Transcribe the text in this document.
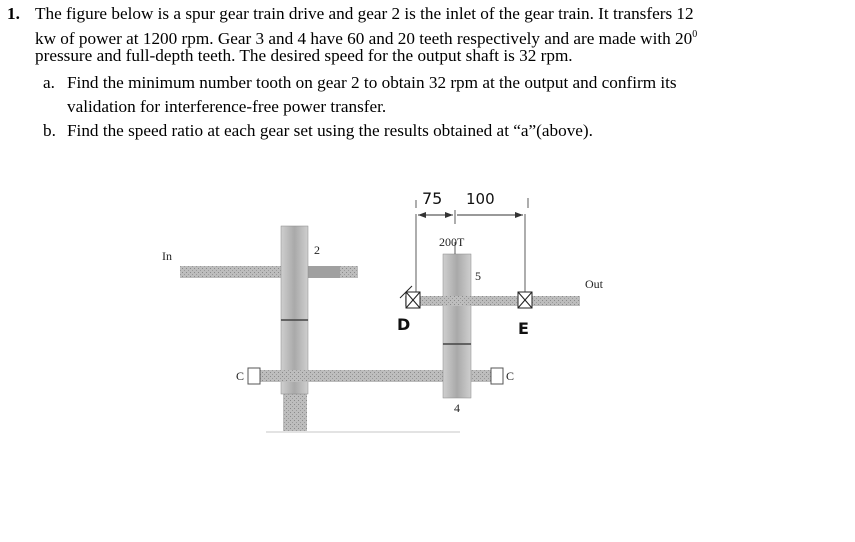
1. The figure below is a spur gear train drive and gear 2 is the inlet of the gear train. It transfers 12
kw of power at 1200 rpm. Gear 3 and 4 have 60 and 20 teeth respectively and are made with $20^0$
pressure and full-depth teeth. The desired speed for the output shaft is 32 rpm.
a. Find the minimum number tooth on gear 2 to obtain 32 rpm at the output and confirm its
validation for interference-free power transfer.
b. Find the speed ratio at each gear set using the results obtained at “a”(above).
In
Out
2
5
4
C	C
200T
75 100
D	E
